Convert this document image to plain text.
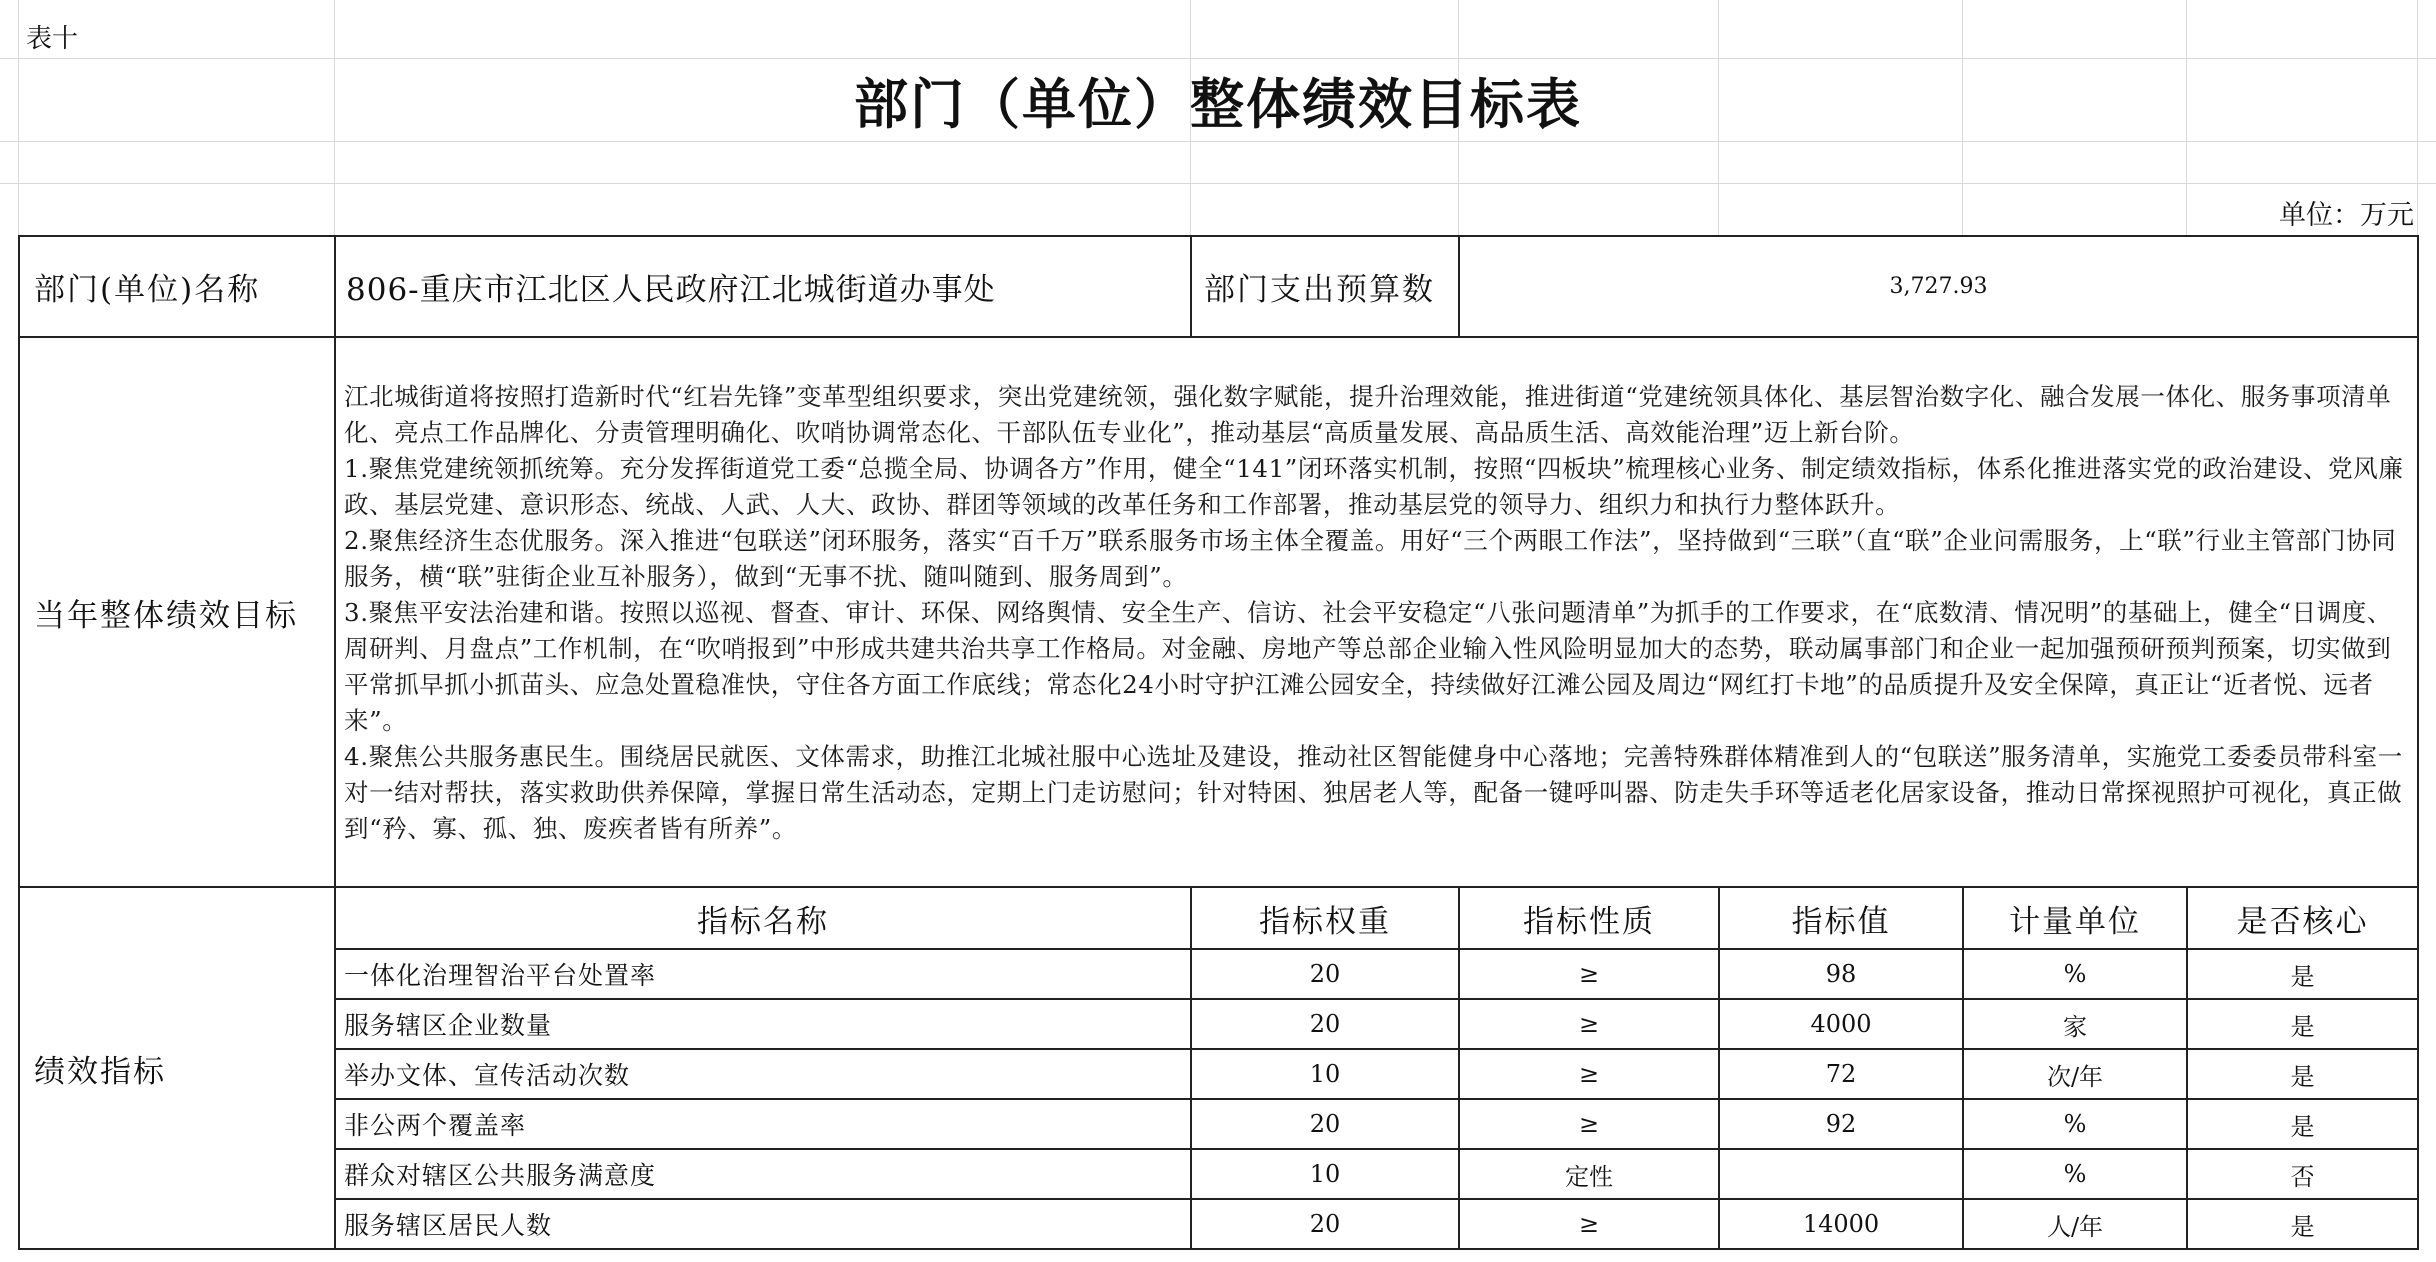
表十
部门（单位）整体绩效目标表
单位：万元
部门(单位)名称	806-重庆市江北区人民政府江北城街道办事处	部门支出预算数	3,727.93			
当年整体绩效目标	江北城街道将按照打造新时代“红岩先锋”变革型组织要求，突出党建统领，强化数字赋能，提升治理效能，推进街道“党建统领具体化、基层智治数字化、融合发展一体化、服务事项清单化、亮点工作品牌化、分责管理明确化、吹哨协调常态化、干部队伍专业化”，推动基层“高质量发展、高品质生活、高效能治理”迈上新台阶。

1.聚焦党建统领抓统筹。充分发挥街道党工委“总揽全局、协调各方”作用，健全“141”闭环落实机制，按照“四板块”梳理核心业务、制定绩效指标，体系化推进落实党的政治建设、党风廉政、基层党建、意识形态、统战、人武、人大、政协、群团等领域的改革任务和工作部署，推动基层党的领导力、组织力和执行力整体跃升。

2.聚焦经济生态优服务。深入推进“包联送”闭环服务，落实“百千万”联系服务市场主体全覆盖。用好“三个两眼工作法”，坚持做到“三联”（直“联”企业问需服务，上“联”行业主管部门协同服务，横“联”驻街企业互补服务），做到“无事不扰、随叫随到、服务周到”。

3.聚焦平安法治建和谐。按照以巡视、督查、审计、环保、网络舆情、安全生产、信访、社会平安稳定“八张问题清单”为抓手的工作要求，在“底数清、情况明”的基础上，健全“日调度、周研判、月盘点”工作机制，在“吹哨报到”中形成共建共治共享工作格局。对金融、房地产等总部企业输入性风险明显加大的态势，联动属事部门和企业一起加强预研预判预案，切实做到平常抓早抓小抓苗头、应急处置稳准快，守住各方面工作底线；常态化24小时守护江滩公园安全，持续做好江滩公园及周边“网红打卡地”的品质提升及安全保障，真正让“近者悦、远者来”。

4.聚焦公共服务惠民生。围绕居民就医、文体需求，助推江北城社服中心选址及建设，推动社区智能健身中心落地；完善特殊群体精准到人的“包联送”服务清单，实施党工委委员带科室一对一结对帮扶，落实救助供养保障，掌握日常生活动态，定期上门走访慰问；针对特困、独居老人等，配备一键呼叫器、防走失手环等适老化居家设备，推动日常探视照护可视化，真正做到“矜、寡、孤、独、废疾者皆有所养”。					

绩效指标	指标名称	指标权重	指标性质	指标值	计量单位	是否核心
	一体化治理智治平台处置率	20	≥	98	%	是
	服务辖区企业数量	20	≥	4000	家	是
	举办文体、宣传活动次数	10	≥	72	次/年	是
	非公两个覆盖率	20	≥	92	%	是
	群众对辖区公共服务满意度	10	定性		%	否
	服务辖区居民人数	20	≥	14000	人/年	是
